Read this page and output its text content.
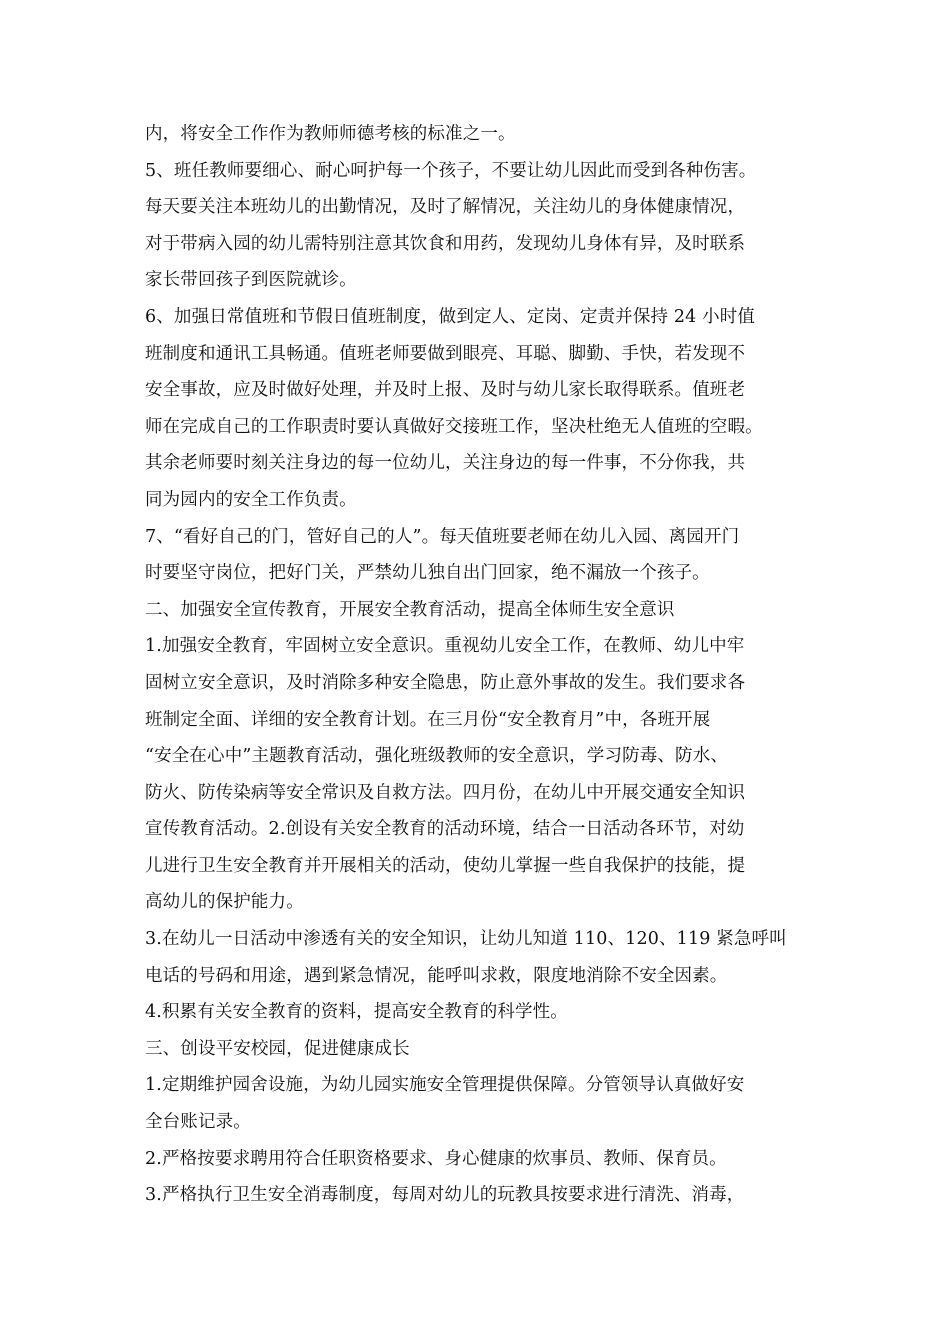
内，将安全工作作为教师师德考核的标准之一。
5、班任教师要细心、耐心呵护每一个孩子，不要让幼儿因此而受到各种伤害。
每天要关注本班幼儿的出勤情况，及时了解情况，关注幼儿的身体健康情况，
对于带病入园的幼儿需特别注意其饮食和用药，发现幼儿身体有异，及时联系
家长带回孩子到医院就诊。
6、加强日常值班和节假日值班制度，做到定人、定岗、定责并保持 24 小时值
班制度和通讯工具畅通。值班老师要做到眼亮、耳聪、脚勤、手快，若发现不
安全事故，应及时做好处理，并及时上报、及时与幼儿家长取得联系。值班老
师在完成自己的工作职责时要认真做好交接班工作，坚决杜绝无人值班的空暇。
其余老师要时刻关注身边的每一位幼儿，关注身边的每一件事，不分你我，共
同为园内的安全工作负责。
7、“看好自己的门，管好自己的人”。每天值班要老师在幼儿入园、离园开门
时要坚守岗位，把好门关，严禁幼儿独自出门回家，绝不漏放一个孩子。
二、加强安全宣传教育，开展安全教育活动，提高全体师生安全意识
1.加强安全教育，牢固树立安全意识。重视幼儿安全工作，在教师、幼儿中牢
固树立安全意识，及时消除多种安全隐患，防止意外事故的发生。我们要求各
班制定全面、详细的安全教育计划。在三月份“安全教育月”中，各班开展
“安全在心中”主题教育活动，强化班级教师的安全意识，学习防毒、防水、
防火、防传染病等安全常识及自救方法。四月份，在幼儿中开展交通安全知识
宣传教育活动。2.创设有关安全教育的活动环境，结合一日活动各环节，对幼
儿进行卫生安全教育并开展相关的活动，使幼儿掌握一些自我保护的技能，提
高幼儿的保护能力。
3.在幼儿一日活动中渗透有关的安全知识，让幼儿知道 110、120、119 紧急呼叫
电话的号码和用途，遇到紧急情况，能呼叫求救，限度地消除不安全因素。
4.积累有关安全教育的资料，提高安全教育的科学性。
三、创设平安校园，促进健康成长
1.定期维护园舍设施，为幼儿园实施安全管理提供保障。分管领导认真做好安
全台账记录。
2.严格按要求聘用符合任职资格要求、身心健康的炊事员、教师、保育员。
3.严格执行卫生安全消毒制度，每周对幼儿的玩教具按要求进行清洗、消毒，
